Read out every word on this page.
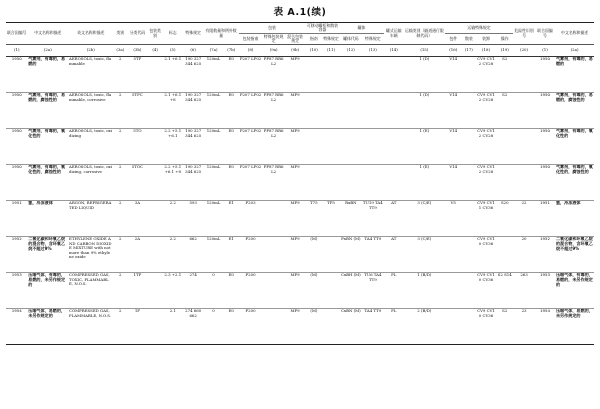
表 A.1(续)
联合国编号	中文名称和描述	英文名称和描述	类别	分类代码	包装类别	标志	特殊规定	有限数量和例外数量		包装			可移动罐柜和散装容器		罐体		罐式运输车辆	运输类别（隧道通行限制代码）	运输特殊规定				危险性识别号	联合国编号	中文名称和描述
										包装指南	特殊包装规定	混合包装规定	指南	特殊规定	罐体代码	特殊规定			包件	散装	装卸	操作			
(1)	(2a)	(2b)	(3a)	(3b)	(4)	(5)	(6)	(7a)	(7b)	(8)	(9a)	(9b)	(10)	(11)	(12)	(13)	(14)	(15)	(16)	(17)	(18)	(19)	(20)	(1)	(2a)
1950	气雾剂，有毒的，易燃的	AEROSOLS, toxic, flammable	2	5TF		2.1 +6.1	190 327 344 625	120mL	E0	P207 LP02	PP87 RR6 L2	MP9						1 (D)	V14		CV9 CV12 CV28	S2		1950	气雾剂，有毒的，易燃的
1950	气雾剂，有毒的，易燃的，腐蚀性的	AEROSOLS, toxic, flammable, corrosive	2	5TFC		2.1 +6.1 +8	190 327 344 625	120mL	E0	P207 LP02	PP87 RR6 L2	MP9						1 (D)	V14		CV9 CV12 CV28	S2		1950	气雾剂，有毒的，易燃的，腐蚀性的
1950	气雾剂，有毒的，氧化性的	AEROSOLS, toxic, oxidizing	2	5TO		2.2 +5.1 +6.1	190 327 344 625	120mL	E0	P207 LP02	PP87 RR6 L2	MP9						1 (E)	V14		CV9 CV12 CV28			1950	气雾剂，有毒的，氧化性的
1950	气雾剂，有毒的，氧化性的，腐蚀性的	AEROSOLS, toxic, oxidizing, corrosive	2	5TOC		2.2 +5.1 +6.1 +8	190 327 344 625	120mL	E0	P207 LP02	PP87 RR6 L2	MP9						1 (E)	V14		CV9 CV12 CV28			1950	气雾剂，有毒的，氧化性的，腐蚀性的
1951	氩，冷冻液体	ARGON, REFRIGERATED LIQUID	2	3A		2.2	593	120mL	E1	P203		MP9	T75	TP5	RxBN	TU19 TA4 TT9	AT	3 (C/E)	V5		CV9 CV11 CV36	S20	22	1951	氩，冷冻液体
1952	二氧化碳和环氧乙烷的混合物，含环氧乙烷不超过9%	ETHYLENE OXIDE AND CARBON DIOXIDE MIXTURE with not more than 9% ethylene oxide	2	2A		2.2	662	120mL	E1	P200		MP9	(M)		PxBN (M)	TA4 TT9	AT	3 (C/E)			CV9 CV10 CV36		20	1952	二氧化碳和环氧乙烷的混合物，含环氧乙烷不超过9%
1953	压缩气体，有毒的，易燃的，未另作规定的	COMPRESSED GAS, TOXIC, FLAMMABLE, N.O.S.	2	1TF		2.3 +2.1	274	0	E0	P200		MP9	(M)		CxBH (M)	TU6 TA4 TT9	FL	1 (B/D)			CV9 CV10 CV36	S2 S14	263	1953	压缩气体，有毒的，易燃的，未另作规定的
1954	压缩气体，易燃的，未另作规定的	COMPRESSED GAS, FLAMMABLE, N.O.S.	2	1F		2.1	274 660 662	0	E0	P200		MP9	(M)		CxBN (M)	TA4 TT9	FL	2 (B/D)			CV9 CV10 CV36	S2	23	1954	压缩气体，易燃的，未另作规定的
